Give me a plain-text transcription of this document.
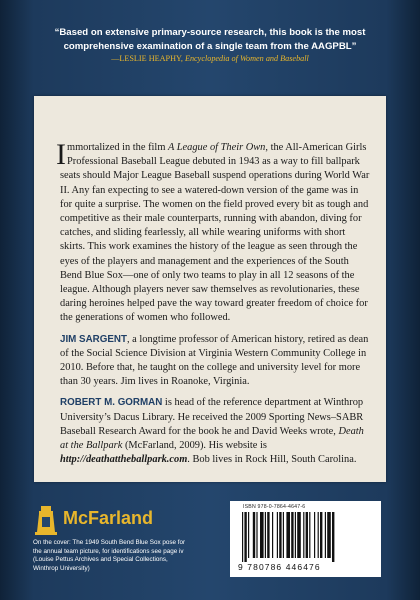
“Based on extensive primary-source research, this book is the most
comprehensive examination of a single team from the AAGPBL”
—LESLIE HEAPHY, Encyclopedia of Women and Baseball

Immortalized in the film A League of Their Own, the All-American Girls Professional Baseball League debuted in 1943 as a way to fill ballpark seats should Major League Baseball suspend operations during World War II. Any fan expecting to see a watered-down version of the game was in for quite a surprise. The women on the field proved every bit as tough and competitive as their male counterparts, running with abandon, diving for catches, and sliding fearlessly, all while wearing uniforms with short skirts. This work examines the history of the league as seen through the eyes of the players and management and the experiences of the South Bend Blue Sox—one of only two teams to play in all 12 seasons of the league. Although players never saw themselves as revolutionaries, these daring heroines helped pave the way toward greater freedom of choice for the generations of women who followed.

JIM SARGENT, a longtime professor of American history, retired as dean of the Social Science Division at Virginia Western Community College in 2010. Before that, he taught on the college and university level for more than 30 years. Jim lives in Roanoke, Virginia.

ROBERT M. GORMAN is head of the reference department at Winthrop University’s Dacus Library. He received the 2009 Sporting News–SABR Baseball Research Award for the book he and David Weeks wrote, Death at the Ballpark (McFarland, 2009). His website is http://deathattheballpark.com. Bob lives in Rock Hill, South Carolina.

McFarland
On the cover: The 1949 South Bend Blue Sox pose for
the annual team picture, for identifications see page iv
(Louise Pettus Archives and Special Collections,
Winthrop University)
ISBN 978-0-7864-4647-6
9 780786 446476
